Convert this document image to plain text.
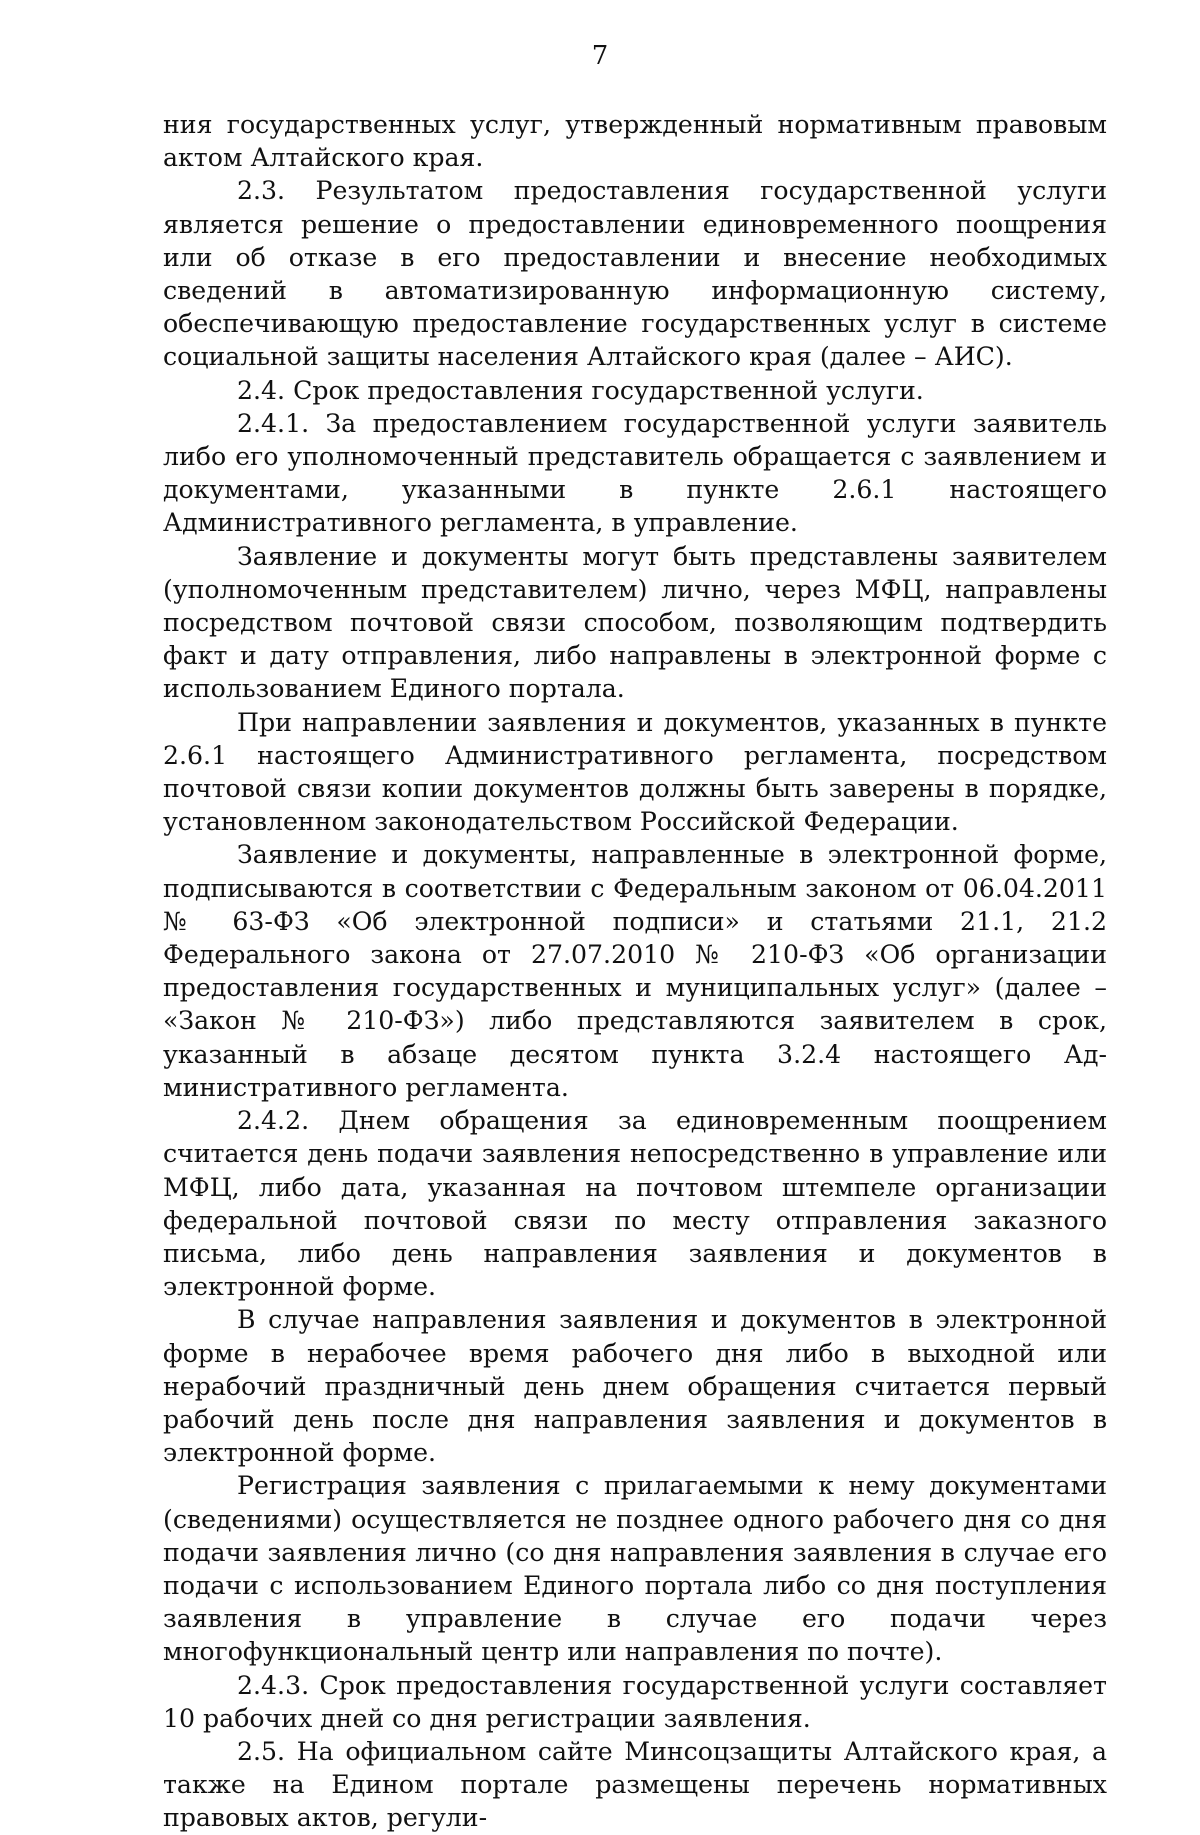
7

ния государственных услуг, утвержденный нормативным правовым актом Алтайского края.

2.3. Результатом предоставления государственной услуги является решение о предоставлении единовременного поощрения или об отказе в его предоставлении и внесение необходимых сведений в автоматизированную информационную систему, обеспечивающую предоставление государственных услуг в системе социальной защиты населения Алтайского края (далее – АИС).

2.4. Срок предоставления государственной услуги.

2.4.1. За предоставлением государственной услуги заявитель либо его уполномоченный представитель обращается с заявлением и документами, указанными в пункте 2.6.1 настоящего Административного регламента, в управление.

Заявление и документы могут быть представлены заявителем (уполномоченным представителем) лично, через МФЦ, направлены посредством почтовой связи способом, позволяющим подтвердить факт и дату отправления, либо направлены в электронной форме с использованием Единого портала.

При направлении заявления и документов, указанных в пункте 2.6.1 настоящего Административного регламента, посредством почтовой связи копии документов должны быть заверены в порядке, установленном законодательством Российской Федерации.

Заявление и документы, направленные в электронной форме, подписываются в соответствии с Федеральным законом от 06.04.2011 № 63-ФЗ «Об электронной подписи» и статьями 21.1, 21.2 Федерального закона от 27.07.2010 № 210-ФЗ «Об организации предоставления государственных и муниципальных услуг» (далее – «Закон № 210-ФЗ») либо представляются заявителем в срок, указанный в абзаце десятом пункта 3.2.4 настоящего Административного регламента.

2.4.2. Днем обращения за единовременным поощрением считается день подачи заявления непосредственно в управление или МФЦ, либо дата, указанная на почтовом штемпеле организации федеральной почтовой связи по месту отправления заказного письма, либо день направления заявления и документов в электронной форме.

В случае направления заявления и документов в электронной форме в нерабочее время рабочего дня либо в выходной или нерабочий праздничный день днем обращения считается первый рабочий день после дня направления заявления и документов в электронной форме.

Регистрация заявления с прилагаемыми к нему документами (сведениями) осуществляется не позднее одного рабочего дня со дня подачи заявления лично (со дня направления заявления в случае его подачи с использованием Единого портала либо со дня поступления заявления в управление в случае его подачи через многофункциональный центр или направления по почте).

2.4.3. Срок предоставления государственной услуги составляет 10 рабочих дней со дня регистрации заявления.

2.5. На официальном сайте Минсоцзащиты Алтайского края, а также на Едином портале размещены перечень нормативных правовых актов, регули-
